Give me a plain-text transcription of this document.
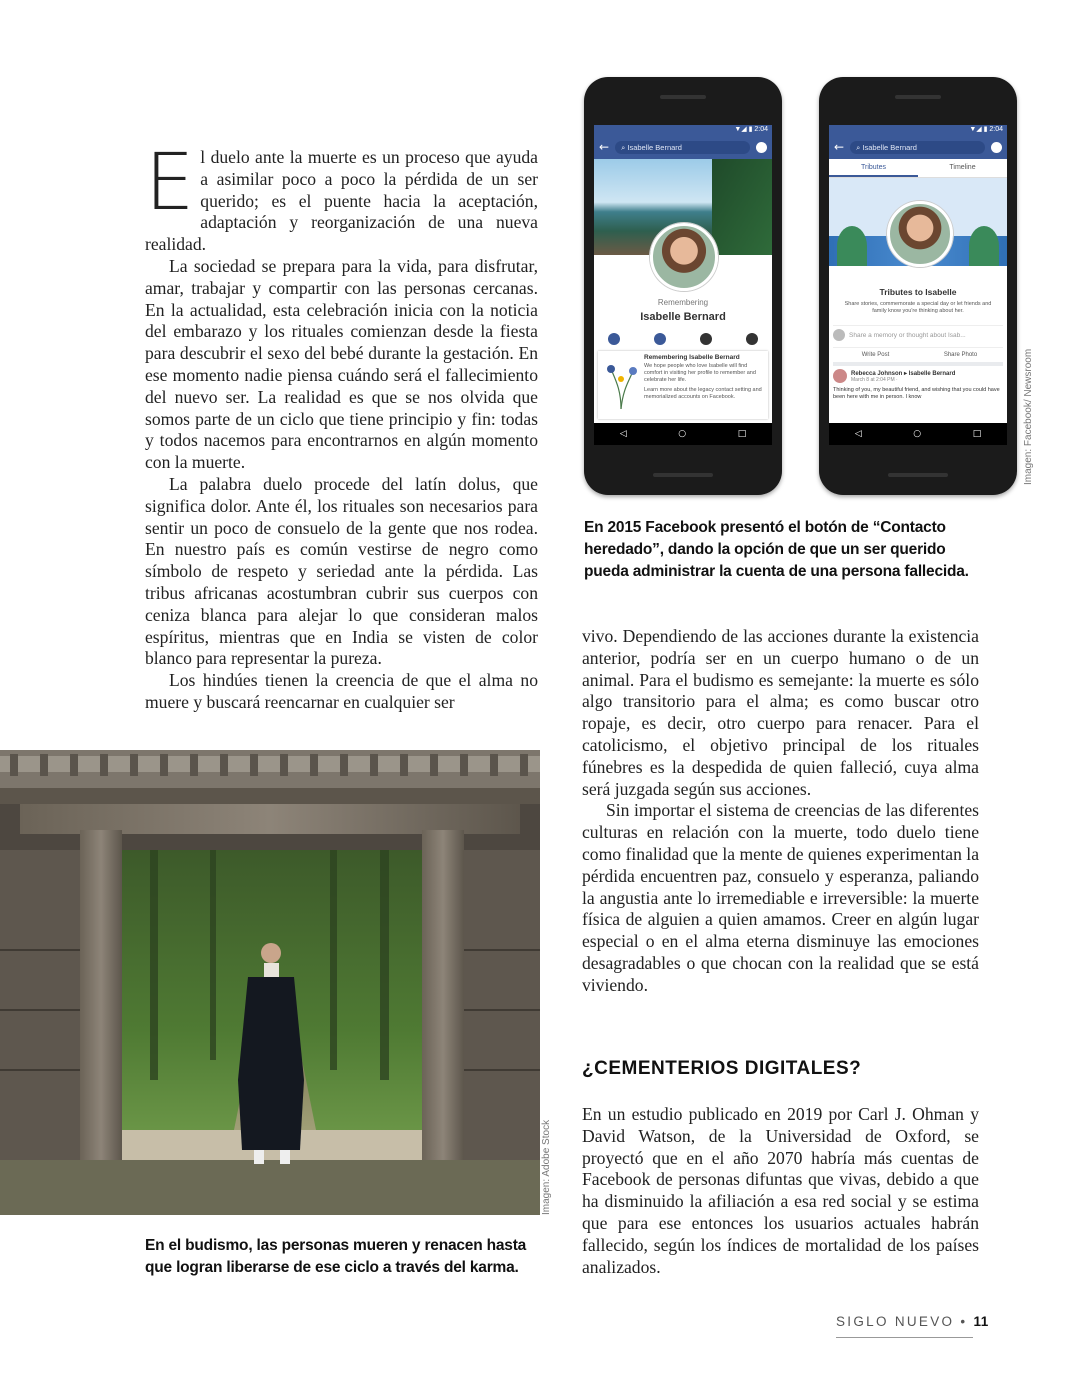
El duelo ante la muerte es un proceso que ayuda a asimilar poco a poco la pérdida de un ser querido; es el puente hacia la aceptación, adaptación y reorganización de una nueva realidad.

La sociedad se prepara para la vida, para disfrutar, amar, trabajar y compartir con las personas cercanas. En la actualidad, esta celebración inicia con la noticia del embarazo y los rituales comienzan desde la fiesta para descubrir el sexo del bebé durante la gestación. En ese momento nadie piensa cuándo será el fallecimiento del nuevo ser. La realidad es que se nos olvida que somos parte de un ciclo que tiene principio y fin: todas y todos nacemos para encontrarnos en algún momento con la muerte.

La palabra duelo procede del latín dolus, que significa dolor. Ante él, los rituales son necesarios para sentir un poco de consuelo de la gente que nos rodea. En nuestro país es común vestirse de negro como símbolo de respeto y seriedad ante la pérdida. Las tribus africanas acostumbran cubrir sus cuerpos con ceniza blanca para alejar lo que consideran malos espíritus, mientras que en India se visten de color blanco para representar la pureza.

Los hindúes tienen la creencia de que el alma no muere y buscará reencarnar en cualquier ser

▼◢ ▮ 2:04
←	⌕ Isabelle Bernard
Remembering
Isabelle Bernard
Remembering Isabelle Bernard
We hope people who love Isabelle will find comfort in visiting her profile to remember and celebrate her life.
Learn more about the legacy contact setting and memorialized accounts on Facebook.
◁	○	□
▼◢ ▮ 2:04
←	⌕ Isabelle Bernard
Tributes	Timeline
Tributes to Isabelle
Share stories, commemorate a special day or let friends and family know you're thinking about her.
Share a memory or thought about Isab...
Write Post	Share Photo
Rebecca Johnson ▸ Isabelle Bernard
March 8 at 2:04 PM ·
Thinking of you, my beautiful friend, and wishing that you could have been here with me in person. I know
◁	○	□	Imagen: Facebook/ Newsroom
En 2015 Facebook presentó el botón de “Contacto heredado”, dando la opción de que un ser querido pueda administrar la cuenta de una persona fallecida.

vivo. Dependiendo de las acciones durante la existencia anterior, podría ser en un cuerpo humano o de un animal. Para el budismo es semejante: la muerte es sólo algo transitorio para el alma; es como buscar otro ropaje, es decir, otro cuerpo para renacer. Para el catolicismo, el objetivo principal de los rituales fúnebres es la despedida de quien falleció, cuya alma será juzgada según sus acciones.

Sin importar el sistema de creencias de las diferentes culturas en relación con la muerte, todo duelo tiene como finalidad que la mente de quienes experimentan la pérdida encuentren paz, consuelo y esperanza, paliando la angustia ante lo irremediable e irreversible: la muerte física de alguien a quien amamos. Creer en algún lugar especial o en el alma eterna disminuye las emociones desagradables o que chocan con la realidad que se está viviendo.

¿CEMENTERIOS DIGITALES?

En un estudio publicado en 2019 por Carl J. Ohman y David Watson, de la Universidad de Oxford, se proyectó que en el año 2070 habría más cuentas de Facebook de personas difuntas que vivas, debido a que ha disminuido la afiliación a esa red social y se estima que para ese entonces los usuarios actuales habrán fallecido, según los índices de mortalidad de los países analizados.

Imagen: Adobe Stock
En el budismo, las personas mueren y renacen hasta que logran liberarse de ese ciclo a través del karma.
SIGLO NUEVO • 11
